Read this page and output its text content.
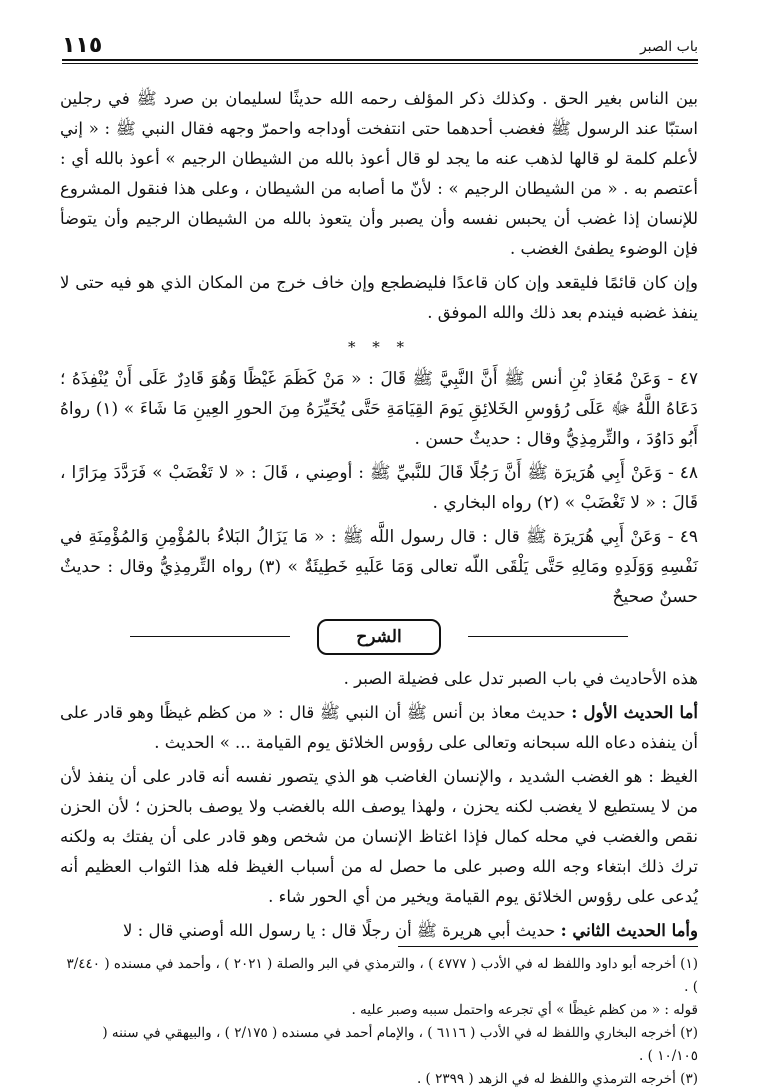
باب الصبر
١١٥

بين الناس بغير الحق . وكذلك ذكر المؤلف رحمه الله حديثًا لسليمان بن صرد ﷺ في رجلين استبّا عند الرسول ﷺ فغضب أحدهما حتى انتفخت أوداجه واحمرّ وجهه فقال النبي ﷺ : « إني لأعلم كلمة لو قالها لذهب عنه ما يجد لو قال أعوذ بالله من الشيطان الرجيم » أعوذ بالله أي : أعتصم به . « من الشيطان الرجيم » : لأنّ ما أصابه من الشيطان ، وعلى هذا فنقول المشروع للإنسان إذا غضب أن يحبس نفسه وأن يصبر وأن يتعوذ بالله من الشيطان الرجيم وأن يتوضأ فإن الوضوء يطفئ الغضب .

وإن كان قائمًا فليقعد وإن كان قاعدًا فليضطجع وإن خاف خرج من المكان الذي هو فيه حتى لا ينفذ غضبه فيندم بعد ذلك والله الموفق .

* * *

٤٧ - وَعَنْ مُعَاذِ بْنِ أنس ﷺ أَنَّ النَّبِيَّ ﷺ قَالَ : « مَنْ كَظَمَ غَيْظًا وَهُوَ قَادِرٌ عَلَى أَنْ يُنْفِذَهُ ؛ دَعَاهُ اللَّهُ ﷻ عَلَى رُؤوسِ الخَلائِقِ يَومَ القِيَامَةِ حَتَّى يُخَيِّرَهُ مِنَ الحورِ العِينِ مَا شَاءَ » (١) رواهُ أَبُو دَاوُدَ ، والتِّرمِذِيُّ وقال : حديثٌ حسن .

٤٨ - وَعَنْ أَبِي هُرَيرَة ﷺ أَنَّ رَجُلًا قَالَ للنَّبيِّ ﷺ : أوصِني ، قَالَ : « لا تَغْضَبْ » فَرَدَّدَ مِرَارًا ، قَالَ : « لا تَغْضَبْ » (٢) رواه البخاري .

٤٩ - وَعَنْ أَبِي هُرَيرَة ﷺ قال : قال رسول اللَّه ﷺ : « مَا يَزَالُ البَلاءُ بالمُؤْمِنِ وَالمُؤْمِنَةِ في نَفْسِهِ وَوَلَدِهِ ومَالِهِ حَتَّى يَلْقَى اللّه تعالى وَمَا عَلَيهِ خَطِيئَةٌ » (٣) رواه التِّرمِذِيُّ وقال : حديثٌ حسنٌ صحيحٌ

الشرح

هذه الأحاديث في باب الصبر تدل على فضيلة الصبر .

أما الحديث الأول : حديث معاذ بن أنس ﷺ أن النبي ﷺ قال : « من كظم غيظًا وهو قادر على أن ينفذه دعاه الله سبحانه وتعالى على رؤوس الخلائق يوم القيامة ... » الحديث .

الغيظ : هو الغضب الشديد ، والإنسان الغاضب هو الذي يتصور نفسه أنه قادر على أن ينفذ لأن من لا يستطيع لا يغضب لكنه يحزن ، ولهذا يوصف الله بالغضب ولا يوصف بالحزن ؛ لأن الحزن نقص والغضب في محله كمال فإذا اغتاظ الإنسان من شخص وهو قادر على أن يفتك به ولكنه ترك ذلك ابتغاء وجه الله وصبر على ما حصل له من أسباب الغيظ فله هذا الثواب العظيم أنه يُدعى على رؤوس الخلائق يوم القيامة ويخير من أي الحور شاء .

وأما الحديث الثاني : حديث أبي هريرة ﷺ أن رجلًا قال : يا رسول الله أوصني قال : لا

(١) أخرجه أبو داود واللفظ له في الأدب ( ٤٧٧٧ ) ، والترمذي في البر والصلة ( ٢٠٢١ ) ، وأحمد في مسنده ( ٣/٤٤٠ ) .

قوله : « من كظم غيظًا » أي تجرعه واحتمل سببه وصبر عليه .

(٢) أخرجه البخاري واللفظ له في الأدب ( ٦١١٦ ) ، والإمام أحمد في مسنده ( ٢/١٧٥ ) ، والبيهقي في سننه ( ١٠/١٠٥ ) .

(٣) أخرجه الترمذي واللفظ له في الزهد ( ٢٣٩٩ ) .
